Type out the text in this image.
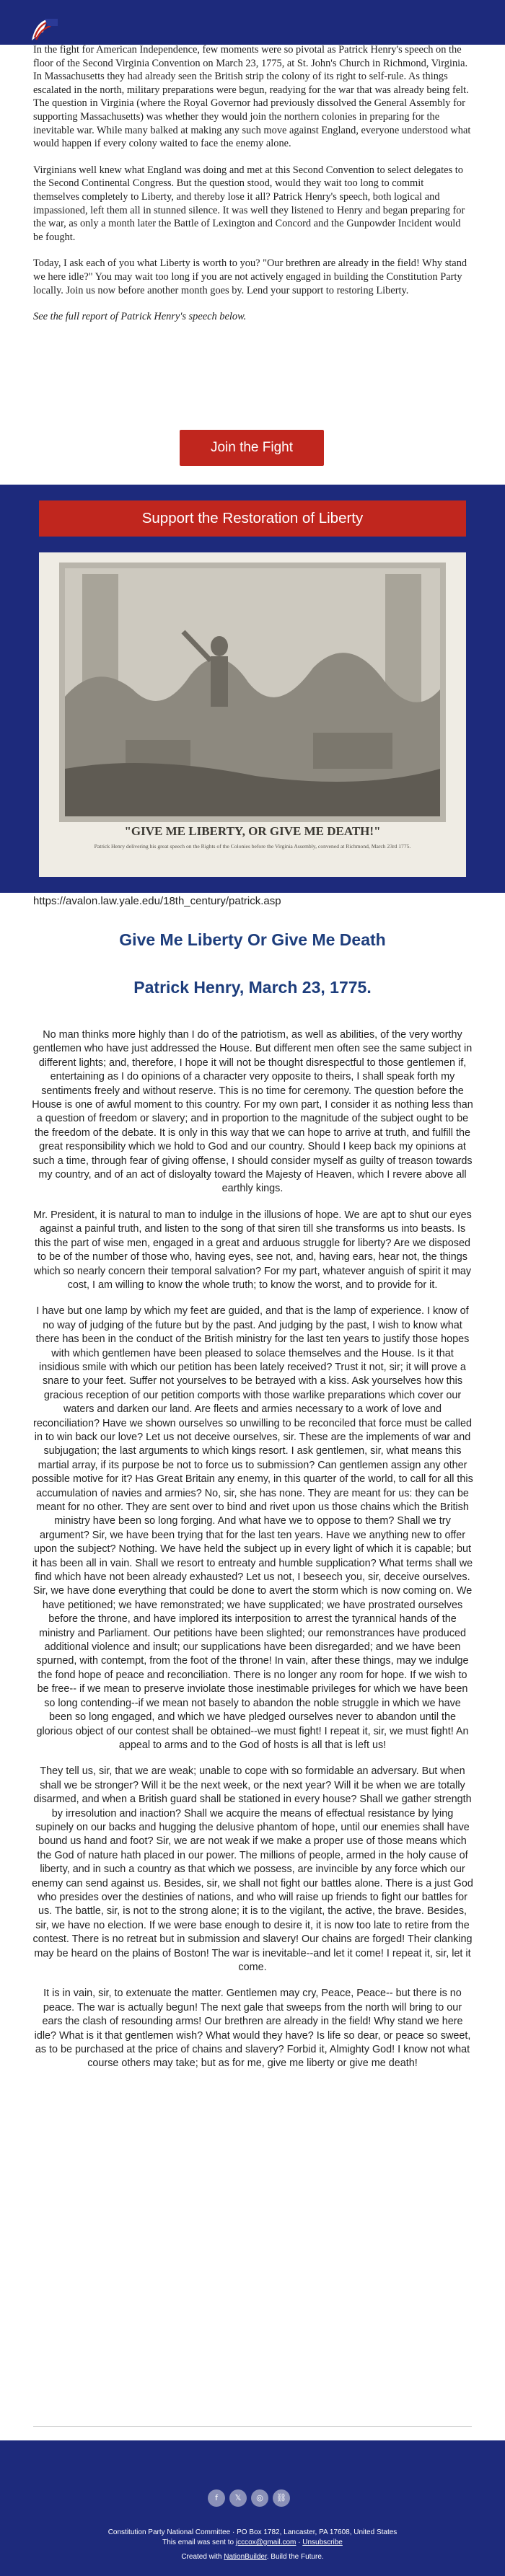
In the fight for American Independence, few moments were so pivotal as Patrick Henry's speech on the floor of the Second Virginia Convention on March 23, 1775, at St. John's Church in Richmond, Virginia. In Massachusetts they had already seen the British strip the colony of its right to self-rule. As things escalated in the north, military preparations were begun, readying for the war that was already being felt. The question in Virginia (where the Royal Governor had previously dissolved the General Assembly for supporting Massachusetts) was whether they would join the northern colonies in preparing for the inevitable war. While many balked at making any such move against England, everyone understood what would happen if every colony waited to face the enemy alone.

Virginians well knew what England was doing and met at this Second Convention to select delegates to the Second Continental Congress. But the question stood, would they wait too long to commit themselves completely to Liberty, and thereby lose it all? Patrick Henry's speech, both logical and impassioned, left them all in stunned silence. It was well they listened to Henry and began preparing for the war, as only a month later the Battle of Lexington and Concord and the Gunpowder Incident would be fought.

Today, I ask each of you what Liberty is worth to you? "Our brethren are already in the field! Why stand we here idle?" You may wait too long if you are not actively engaged in building the Constitution Party locally. Join us now before another month goes by. Lend your support to restoring Liberty.

See the full report of Patrick Henry's speech below.

Join the Fight
Support the Restoration of Liberty
"GIVE ME LIBERTY, OR GIVE ME DEATH!"
Patrick Henry delivering his great speech on the Rights of the Colonies before the Virginia Assembly, convened at Richmond, March 23rd 1775.
https://avalon.law.yale.edu/18th_century/patrick.asp
Give Me Liberty Or Give Me Death
Patrick Henry, March 23, 1775.

No man thinks more highly than I do of the patriotism, as well as abilities, of the very worthy gentlemen who have just addressed the House. But different men often see the same subject in different lights; and, therefore, I hope it will not be thought disrespectful to those gentlemen if, entertaining as I do opinions of a character very opposite to theirs, I shall speak forth my sentiments freely and without reserve. This is no time for ceremony. The question before the House is one of awful moment to this country. For my own part, I consider it as nothing less than a question of freedom or slavery; and in proportion to the magnitude of the subject ought to be the freedom of the debate. It is only in this way that we can hope to arrive at truth, and fulfill the great responsibility which we hold to God and our country. Should I keep back my opinions at such a time, through fear of giving offense, I should consider myself as guilty of treason towards my country, and of an act of disloyalty toward the Majesty of Heaven, which I revere above all earthly kings.

Mr. President, it is natural to man to indulge in the illusions of hope. We are apt to shut our eyes against a painful truth, and listen to the song of that siren till she transforms us into beasts. Is this the part of wise men, engaged in a great and arduous struggle for liberty? Are we disposed to be of the number of those who, having eyes, see not, and, having ears, hear not, the things which so nearly concern their temporal salvation? For my part, whatever anguish of spirit it may cost, I am willing to know the whole truth; to know the worst, and to provide for it.

I have but one lamp by which my feet are guided, and that is the lamp of experience. I know of no way of judging of the future but by the past. And judging by the past, I wish to know what there has been in the conduct of the British ministry for the last ten years to justify those hopes with which gentlemen have been pleased to solace themselves and the House. Is it that insidious smile with which our petition has been lately received? Trust it not, sir; it will prove a snare to your feet. Suffer not yourselves to be betrayed with a kiss. Ask yourselves how this gracious reception of our petition comports with those warlike preparations which cover our waters and darken our land. Are fleets and armies necessary to a work of love and reconciliation? Have we shown ourselves so unwilling to be reconciled that force must be called in to win back our love? Let us not deceive ourselves, sir. These are the implements of war and subjugation; the last arguments to which kings resort. I ask gentlemen, sir, what means this martial array, if its purpose be not to force us to submission? Can gentlemen assign any other possible motive for it? Has Great Britain any enemy, in this quarter of the world, to call for all this accumulation of navies and armies? No, sir, she has none. They are meant for us: they can be meant for no other. They are sent over to bind and rivet upon us those chains which the British ministry have been so long forging. And what have we to oppose to them? Shall we try argument? Sir, we have been trying that for the last ten years. Have we anything new to offer upon the subject? Nothing. We have held the subject up in every light of which it is capable; but it has been all in vain. Shall we resort to entreaty and humble supplication? What terms shall we find which have not been already exhausted? Let us not, I beseech you, sir, deceive ourselves. Sir, we have done everything that could be done to avert the storm which is now coming on. We have petitioned; we have remonstrated; we have supplicated; we have prostrated ourselves before the throne, and have implored its interposition to arrest the tyrannical hands of the ministry and Parliament. Our petitions have been slighted; our remonstrances have produced additional violence and insult; our supplications have been disregarded; and we have been spurned, with contempt, from the foot of the throne! In vain, after these things, may we indulge the fond hope of peace and reconciliation. There is no longer any room for hope. If we wish to be free-- if we mean to preserve inviolate those inestimable privileges for which we have been so long contending--if we mean not basely to abandon the noble struggle in which we have been so long engaged, and which we have pledged ourselves never to abandon until the glorious object of our contest shall be obtained--we must fight! I repeat it, sir, we must fight! An appeal to arms and to the God of hosts is all that is left us!

They tell us, sir, that we are weak; unable to cope with so formidable an adversary. But when shall we be stronger? Will it be the next week, or the next year? Will it be when we are totally disarmed, and when a British guard shall be stationed in every house? Shall we gather strength by irresolution and inaction? Shall we acquire the means of effectual resistance by lying supinely on our backs and hugging the delusive phantom of hope, until our enemies shall have bound us hand and foot? Sir, we are not weak if we make a proper use of those means which the God of nature hath placed in our power. The millions of people, armed in the holy cause of liberty, and in such a country as that which we possess, are invincible by any force which our enemy can send against us. Besides, sir, we shall not fight our battles alone. There is a just God who presides over the destinies of nations, and who will raise up friends to fight our battles for us. The battle, sir, is not to the strong alone; it is to the vigilant, the active, the brave. Besides, sir, we have no election. If we were base enough to desire it, it is now too late to retire from the contest. There is no retreat but in submission and slavery! Our chains are forged! Their clanking may be heard on the plains of Boston! The war is inevitable--and let it come! I repeat it, sir, let it come.

It is in vain, sir, to extenuate the matter. Gentlemen may cry, Peace, Peace-- but there is no peace. The war is actually begun! The next gale that sweeps from the north will bring to our ears the clash of resounding arms! Our brethren are already in the field! Why stand we here idle? What is it that gentlemen wish? What would they have? Is life so dear, or peace so sweet, as to be purchased at the price of chains and slavery? Forbid it, Almighty God! I know not what course others may take; but as for me, give me liberty or give me death!

f	𝕏	◎	⛓
Constitution Party National Committee · PO Box 1782, Lancaster, PA 17608, United States
This email was sent to jcccox@gmail.com · Unsubscribe
Created with NationBuilder. Build the Future.
